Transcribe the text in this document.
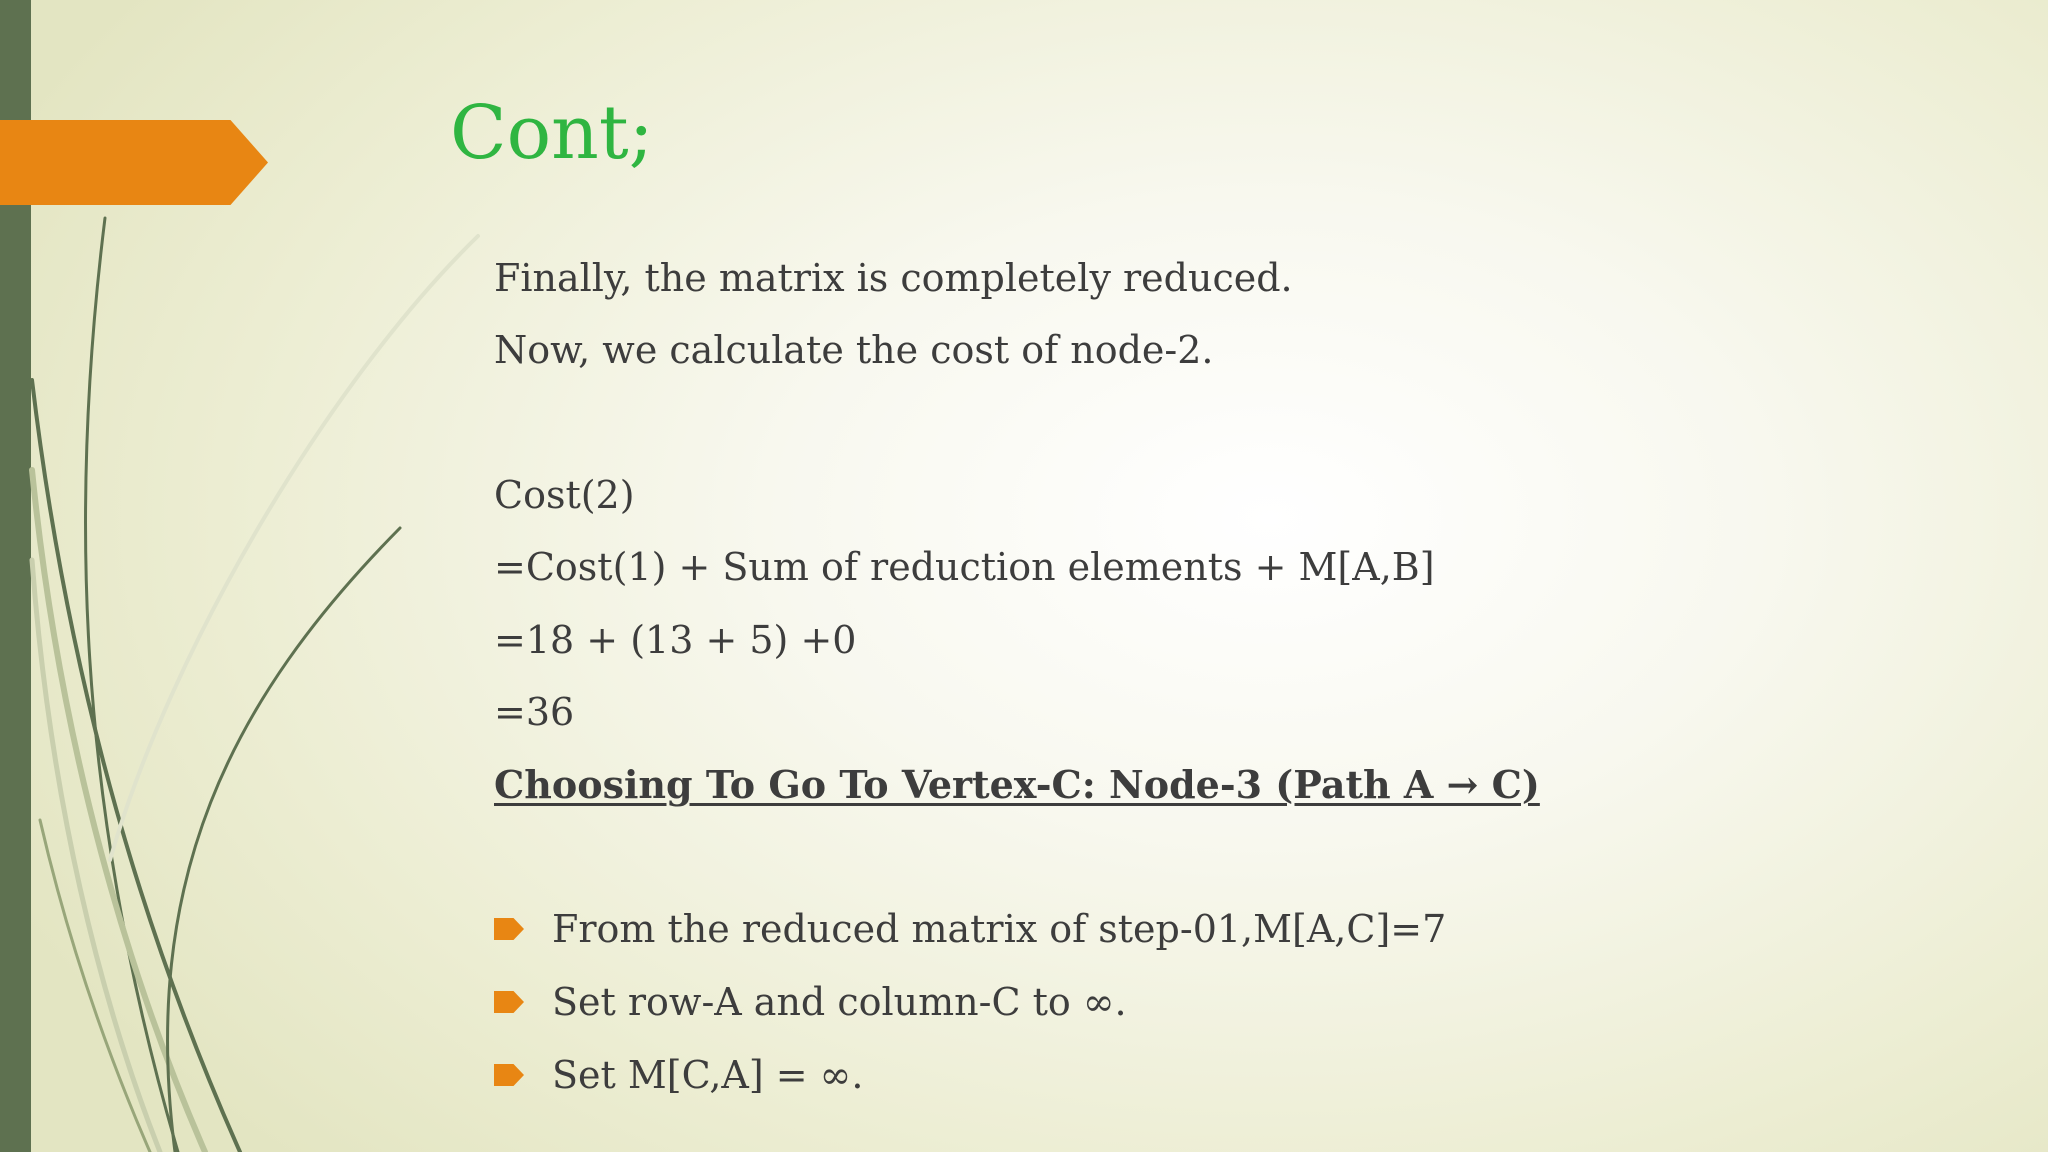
Cont;
Finally, the matrix is completely reduced.
Now, we calculate the cost of node-2.
Cost(2)
=Cost(1) + Sum of reduction elements + M[A,B]
=18 + (13 + 5) +0
=36
Choosing To Go To Vertex-C: Node-3 (Path A → C)
From the reduced matrix of step-01,M[A,C]=7
Set row-A and column-C to ∞.
Set M[C,A] = ∞.
